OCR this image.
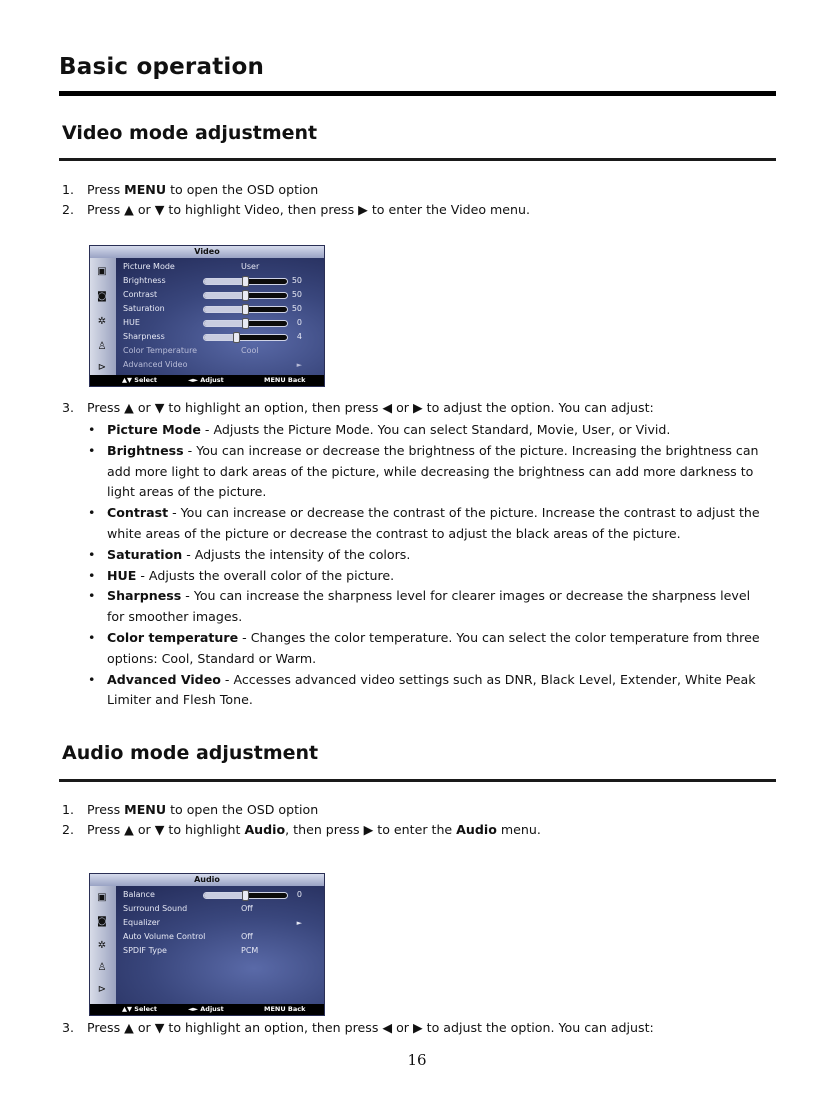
Basic operation
Video mode adjustment
1. Press MENU to open the OSD option
2. Press ▲ or ▼ to highlight Video, then press ▶ to enter the Video menu.
Video
▣
◙
✲
♙
⊳
Picture Mode	User
Brightness	50
Contrast	50
Saturation	50
HUE	0
Sharpness	4
Color Temperature	Cool
Advanced Video	►
▲▼ Select	◄► Adjust	MENU Back
3. Press ▲ or ▼ to highlight an option, then press ◀ or ▶ to adjust the option. You can adjust:
• Picture Mode - Adjusts the Picture Mode. You can select Standard, Movie, User, or Vivid.
• Brightness - You can increase or decrease the brightness of the picture. Increasing the brightness can add more light to dark areas of the picture, while decreasing the brightness can add more darkness to light areas of the picture.
• Contrast - You can increase or decrease the contrast of the picture. Increase the contrast to adjust the white areas of the picture or decrease the contrast to adjust the black areas of the picture.
• Saturation - Adjusts the intensity of the colors.
• HUE - Adjusts the overall color of the picture.
• Sharpness - You can increase the sharpness level for clearer images or decrease the sharpness level for smoother images.
• Color temperature - Changes the color temperature. You can select the color temperature from three options: Cool, Standard or Warm.
• Advanced Video - Accesses advanced video settings such as DNR, Black Level, Extender, White Peak Limiter and Flesh Tone.
Audio mode adjustment
1. Press MENU to open the OSD option
2. Press ▲ or ▼ to highlight Audio, then press ▶ to enter the Audio menu.
Audio
▣
◙
✲
♙
⊳
Balance	0
Surround Sound	Off
Equalizer	►
Auto Volume Control	Off
SPDIF Type	PCM
▲▼ Select	◄► Adjust	MENU Back
3. Press ▲ or ▼ to highlight an option, then press ◀ or ▶ to adjust the option. You can adjust:
16
